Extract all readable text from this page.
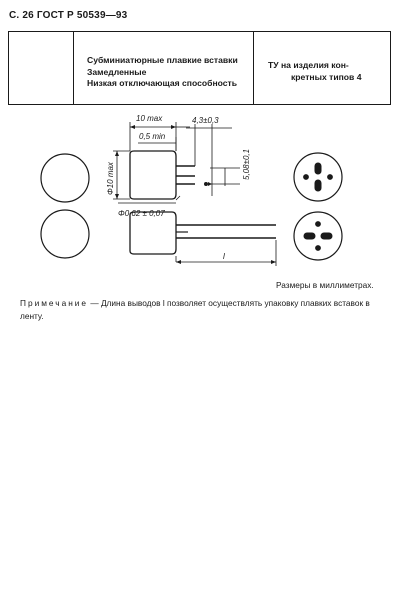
С. 26 ГОСТ Р 50539—93
Субминиатюрные плавкие вставки
Замедленные
Низкая отключающая способность
ТУ на изделия кон-
кретных типов 4
10 max	4,3±0,3
0,5 min
5,08±0,1
Φ10 max
Φ0,62 ± 0,07
l
Размеры в миллиметрах.
Примечание — Длина выводов l позволяет осуществлять упаковку плавких вставок в ленту.
